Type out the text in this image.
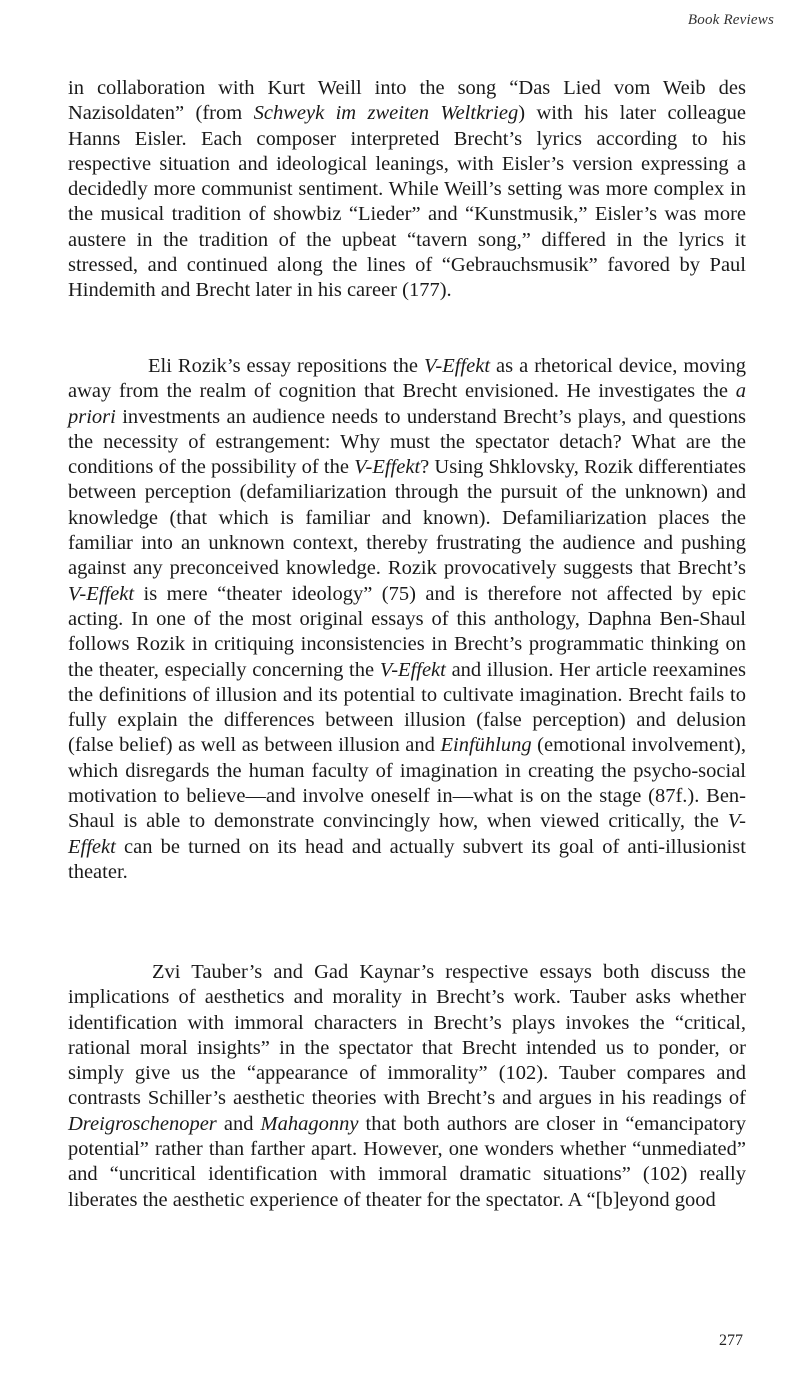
Book Reviews

in collaboration with Kurt Weill into the song “Das Lied vom Weib des Nazisoldaten” (from Schweyk im zweiten Weltkrieg) with his later colleague Hanns Eisler. Each composer interpreted Brecht’s lyrics according to his respective situation and ideological leanings, with Eisler’s version expressing a decidedly more communist sentiment. While Weill’s setting was more complex in the musical tradition of showbiz “Lieder” and “Kunstmusik,” Eisler’s was more austere in the tradition of the upbeat “tavern song,” differed in the lyrics it stressed, and continued along the lines of “Gebrauchsmusik” favored by Paul Hindemith and Brecht later in his career (177).

Eli Rozik’s essay repositions the V-Effekt as a rhetorical device, moving away from the realm of cognition that Brecht envisioned. He investigates the a priori investments an audience needs to understand Brecht’s plays, and questions the necessity of estrangement: Why must the spectator detach? What are the conditions of the possibility of the V-Effekt? Using Shklovsky, Rozik differentiates between perception (defamiliarization through the pursuit of the unknown) and knowledge (that which is familiar and known). Defamiliarization places the familiar into an unknown context, thereby frustrating the audience and pushing against any preconceived knowledge. Rozik provocatively suggests that Brecht’s V-Effekt is mere “theater ideology” (75) and is therefore not affected by epic acting. In one of the most original essays of this anthology, Daphna Ben-Shaul follows Rozik in critiquing inconsistencies in Brecht’s programmatic thinking on the theater, especially concerning the V-Effekt and illusion. Her article reexamines the definitions of illusion and its potential to cultivate imagination. Brecht fails to fully explain the differences between illusion (false perception) and delusion (false belief) as well as between illusion and Einfühlung (emotional involvement), which disregards the human faculty of imagination in creating the psycho-social motivation to believe—and involve oneself in—what is on the stage (87f.). Ben-Shaul is able to demonstrate convincingly how, when viewed critically, the V-Effekt can be turned on its head and actually subvert its goal of anti-illusionist theater.

Zvi Tauber’s and Gad Kaynar’s respective essays both discuss the implications of aesthetics and morality in Brecht’s work. Tauber asks whether identification with immoral characters in Brecht’s plays invokes the “critical, rational moral insights” in the spectator that Brecht intended us to ponder, or simply give us the “appearance of immorality” (102). Tauber compares and contrasts Schiller’s aesthetic theories with Brecht’s and argues in his readings of Dreigroschenoper and Mahagonny that both authors are closer in “emancipatory potential” rather than farther apart. However, one wonders whether “unmediated” and “uncritical identification with immoral dramatic situations” (102) really liberates the aesthetic experience of theater for the spectator. A “[b]eyond good

277
